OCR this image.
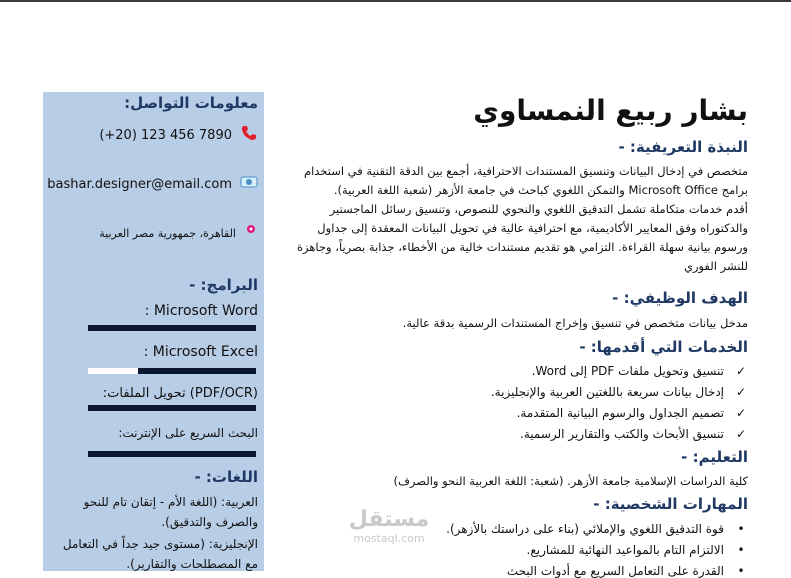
معلومات التواصل:
(+20) 123 456 7890
bashar.designer@email.com
القاهرة، جمهورية مصر العربية
البرامج: -
Microsoft Word :
Microsoft Excel :
(PDF/OCR) تحويل الملفات:
البحث السريع على الإنترنت:
اللغات: -
العربية: (اللغة الأم - إتقان تام للنحو والصرف والتدقيق).
الإنجليزية: (مستوى جيد جداً في التعامل مع المصطلحات والتقارير).
بشار ربيع النمساوي
النبذة التعريفية: -
متخصص في إدخال البيانات وتنسيق المستندات الاحترافية، أجمع بين الدقة التقنية في استخدام
برامج Microsoft Office والتمكن اللغوي كباحث في جامعة الأزهر (شعبة اللغة العربية).
أقدم خدمات متكاملة تشمل التدقيق اللغوي والنحوي للنصوص، وتنسيق رسائل الماجستير
والدكتوراه وفق المعايير الأكاديمية، مع احترافية عالية في تحويل البيانات المعقدة إلى جداول
ورسوم بيانية سهلة القراءة. التزامي هو تقديم مستندات خالية من الأخطاء، جذابة بصرياً، وجاهزة
للنشر الفوري
الهدف الوظيفي: -
مدخل بيانات متخصص في تنسيق وإخراج المستندات الرسمية بدقة عالية.
الخدمات التي أقدمها: -
✓
تنسيق وتحويل ملفات PDF إلى Word.
✓
إدخال بيانات سريعة باللغتين العربية والإنجليزية.
✓
تصميم الجداول والرسوم البيانية المتقدمة.
✓
تنسيق الأبحاث والكتب والتقارير الرسمية.
التعليم: -
كلية الدراسات الإسلامية جامعة الأزهر. (شعبة: اللغة العربية النحو والصرف)
المهارات الشخصية: -
•
قوة التدقيق اللغوي والإملائي (بناء على دراستك بالأزهر).
•
الالتزام التام بالمواعيد النهائية للمشاريع.
•
القدرة على التعامل السريع مع أدوات البحث
مستقل
mostaql.com
